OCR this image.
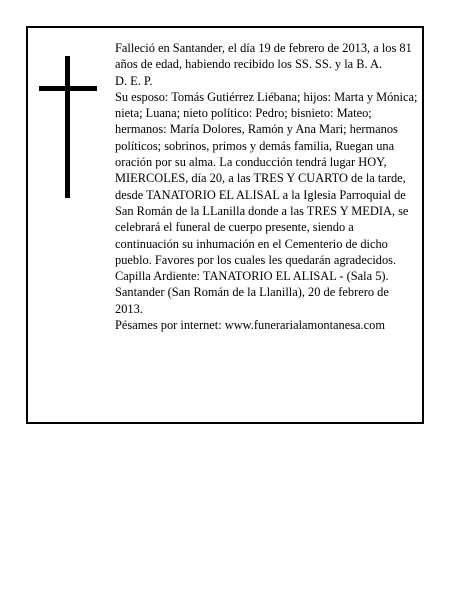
Falleció en Santander, el día 19 de febrero de 2013, a los 81 años de edad, habiendo recibido los SS. SS. y la B. A.

D. E. P.

Su esposo: Tomás Gutiérrez Liébana; hijos: Marta y Mónica; nieta; Luana; nieto político: Pedro; bisnieto: Mateo; hermanos: María Dolores, Ramón y Ana Mari; hermanos políticos; sobrinos, primos y demás familia, Ruegan una oración por su alma. La conducción tendrá lugar HOY, MIERCOLES, día 20, a las TRES Y CUARTO de la tarde, desde TANATORIO EL ALISAL a la Iglesia Parroquial de San Román de la LLanilla donde a las TRES Y MEDIA, se celebrará el funeral de cuerpo presente, siendo a continuación su inhumación en el Cementerio de dicho pueblo. Favores por los cuales les quedarán agradecidos. Capilla Ardiente: TANATORIO EL ALISAL - (Sala 5).

Santander (San Román de la Llanilla), 20 de febrero de 2013.

Pésames por internet: www.funerarialamontanesa.com
